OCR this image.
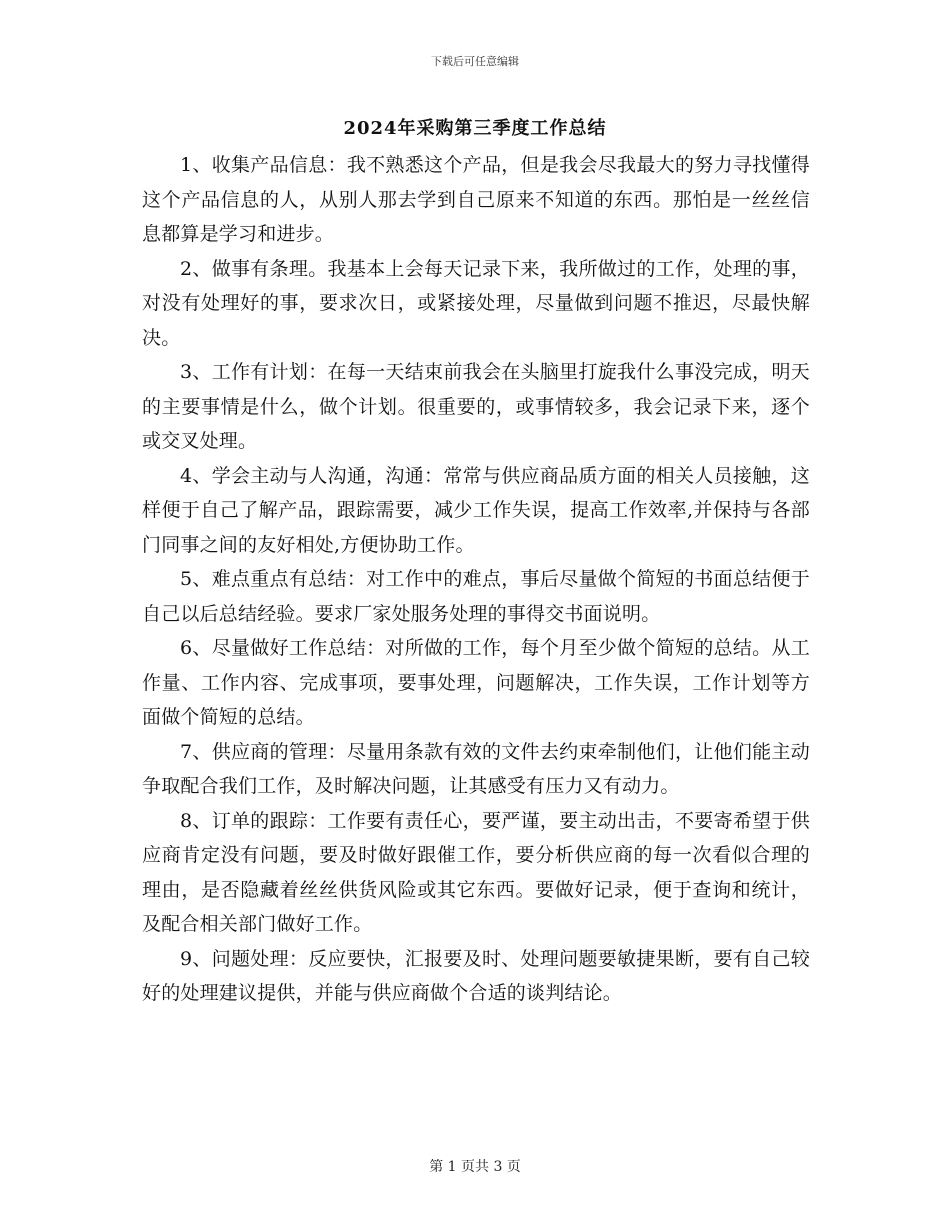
下载后可任意编辑
2024年采购第三季度工作总结

1、收集产品信息：我不熟悉这个产品，但是我会尽我最大的努力寻找懂得这个产品信息的人，从别人那去学到自己原来不知道的东西。那怕是一丝丝信息都算是学习和进步。

2、做事有条理。我基本上会每天记录下来，我所做过的工作，处理的事，对没有处理好的事，要求次日，或紧接处理，尽量做到问题不推迟，尽最快解决。

3、工作有计划：在每一天结束前我会在头脑里打旋我什么事没完成，明天的主要事情是什么，做个计划。很重要的，或事情较多，我会记录下来，逐个或交叉处理。

4、学会主动与人沟通，沟通：常常与供应商品质方面的相关人员接触，这样便于自己了解产品，跟踪需要，减少工作失误，提高工作效率,并保持与各部门同事之间的友好相处,方便协助工作。

5、难点重点有总结：对工作中的难点，事后尽量做个简短的书面总结便于自己以后总结经验。要求厂家处服务处理的事得交书面说明。

6、尽量做好工作总结：对所做的工作，每个月至少做个简短的总结。从工作量、工作内容、完成事项，要事处理，问题解决，工作失误，工作计划等方面做个简短的总结。

7、供应商的管理：尽量用条款有效的文件去约束牵制他们，让他们能主动争取配合我们工作，及时解决问题，让其感受有压力又有动力。

8、订单的跟踪：工作要有责任心，要严谨，要主动出击，不要寄希望于供应商肯定没有问题，要及时做好跟催工作，要分析供应商的每一次看似合理的理由，是否隐藏着丝丝供货风险或其它东西。要做好记录，便于查询和统计，及配合相关部门做好工作。

9、问题处理：反应要快，汇报要及时、处理问题要敏捷果断，要有自己较好的处理建议提供，并能与供应商做个合适的谈判结论。

第 1 页共 3 页
